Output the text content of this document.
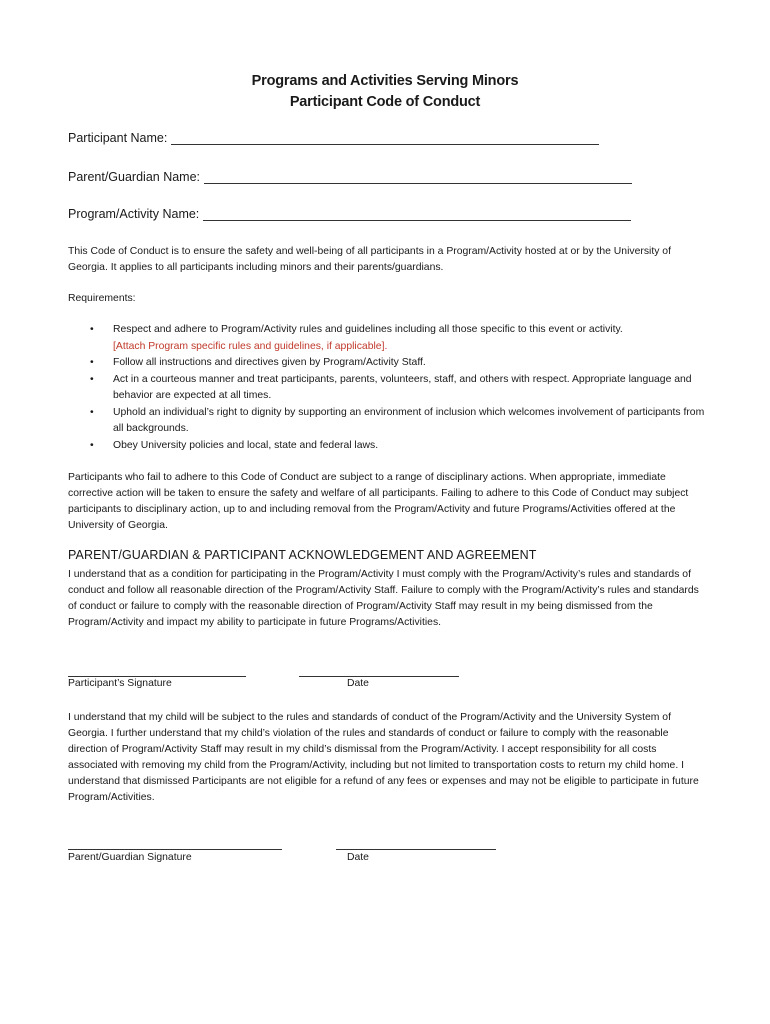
Programs and Activities Serving Minors
Participant Code of Conduct
Participant Name:
Parent/Guardian Name:
Program/Activity Name:
This Code of Conduct is to ensure the safety and well-being of all participants in a Program/Activity hosted at or by the University of Georgia. It applies to all participants including minors and their parents/guardians.
Requirements:
• Respect and adhere to Program/Activity rules and guidelines including all those specific to this event or activity.
[Attach Program specific rules and guidelines, if applicable].
• Follow all instructions and directives given by Program/Activity Staff.
• Act in a courteous manner and treat participants, parents, volunteers, staff, and others with respect. Appropriate language and behavior are expected at all times.
• Uphold an individual’s right to dignity by supporting an environment of inclusion which welcomes involvement of participants from all backgrounds.
• Obey University policies and local, state and federal laws.
Participants who fail to adhere to this Code of Conduct are subject to a range of disciplinary actions. When appropriate, immediate corrective action will be taken to ensure the safety and welfare of all participants. Failing to adhere to this Code of Conduct may subject participants to disciplinary action, up to and including removal from the Program/Activity and future Programs/Activities offered at the University of Georgia.
PARENT/GUARDIAN & PARTICIPANT ACKNOWLEDGEMENT AND AGREEMENT
I understand that as a condition for participating in the Program/Activity I must comply with the Program/Activity’s rules and standards of conduct and follow all reasonable direction of the Program/Activity Staff. Failure to comply with the Program/Activity’s rules and standards of conduct or failure to comply with the reasonable direction of Program/Activity Staff may result in my being dismissed from the Program/Activity and impact my ability to participate in future Programs/Activities.
Participant’s Signature	Date
I understand that my child will be subject to the rules and standards of conduct of the Program/Activity and the University System of Georgia. I further understand that my child’s violation of the rules and standards of conduct or failure to comply with the reasonable direction of Program/Activity Staff may result in my child’s dismissal from the Program/Activity. I accept responsibility for all costs associated with removing my child from the Program/Activity, including but not limited to transportation costs to return my child home. I understand that dismissed Participants are not eligible for a refund of any fees or expenses and may not be eligible to participate in future Program/Activities.
Parent/Guardian Signature	Date
